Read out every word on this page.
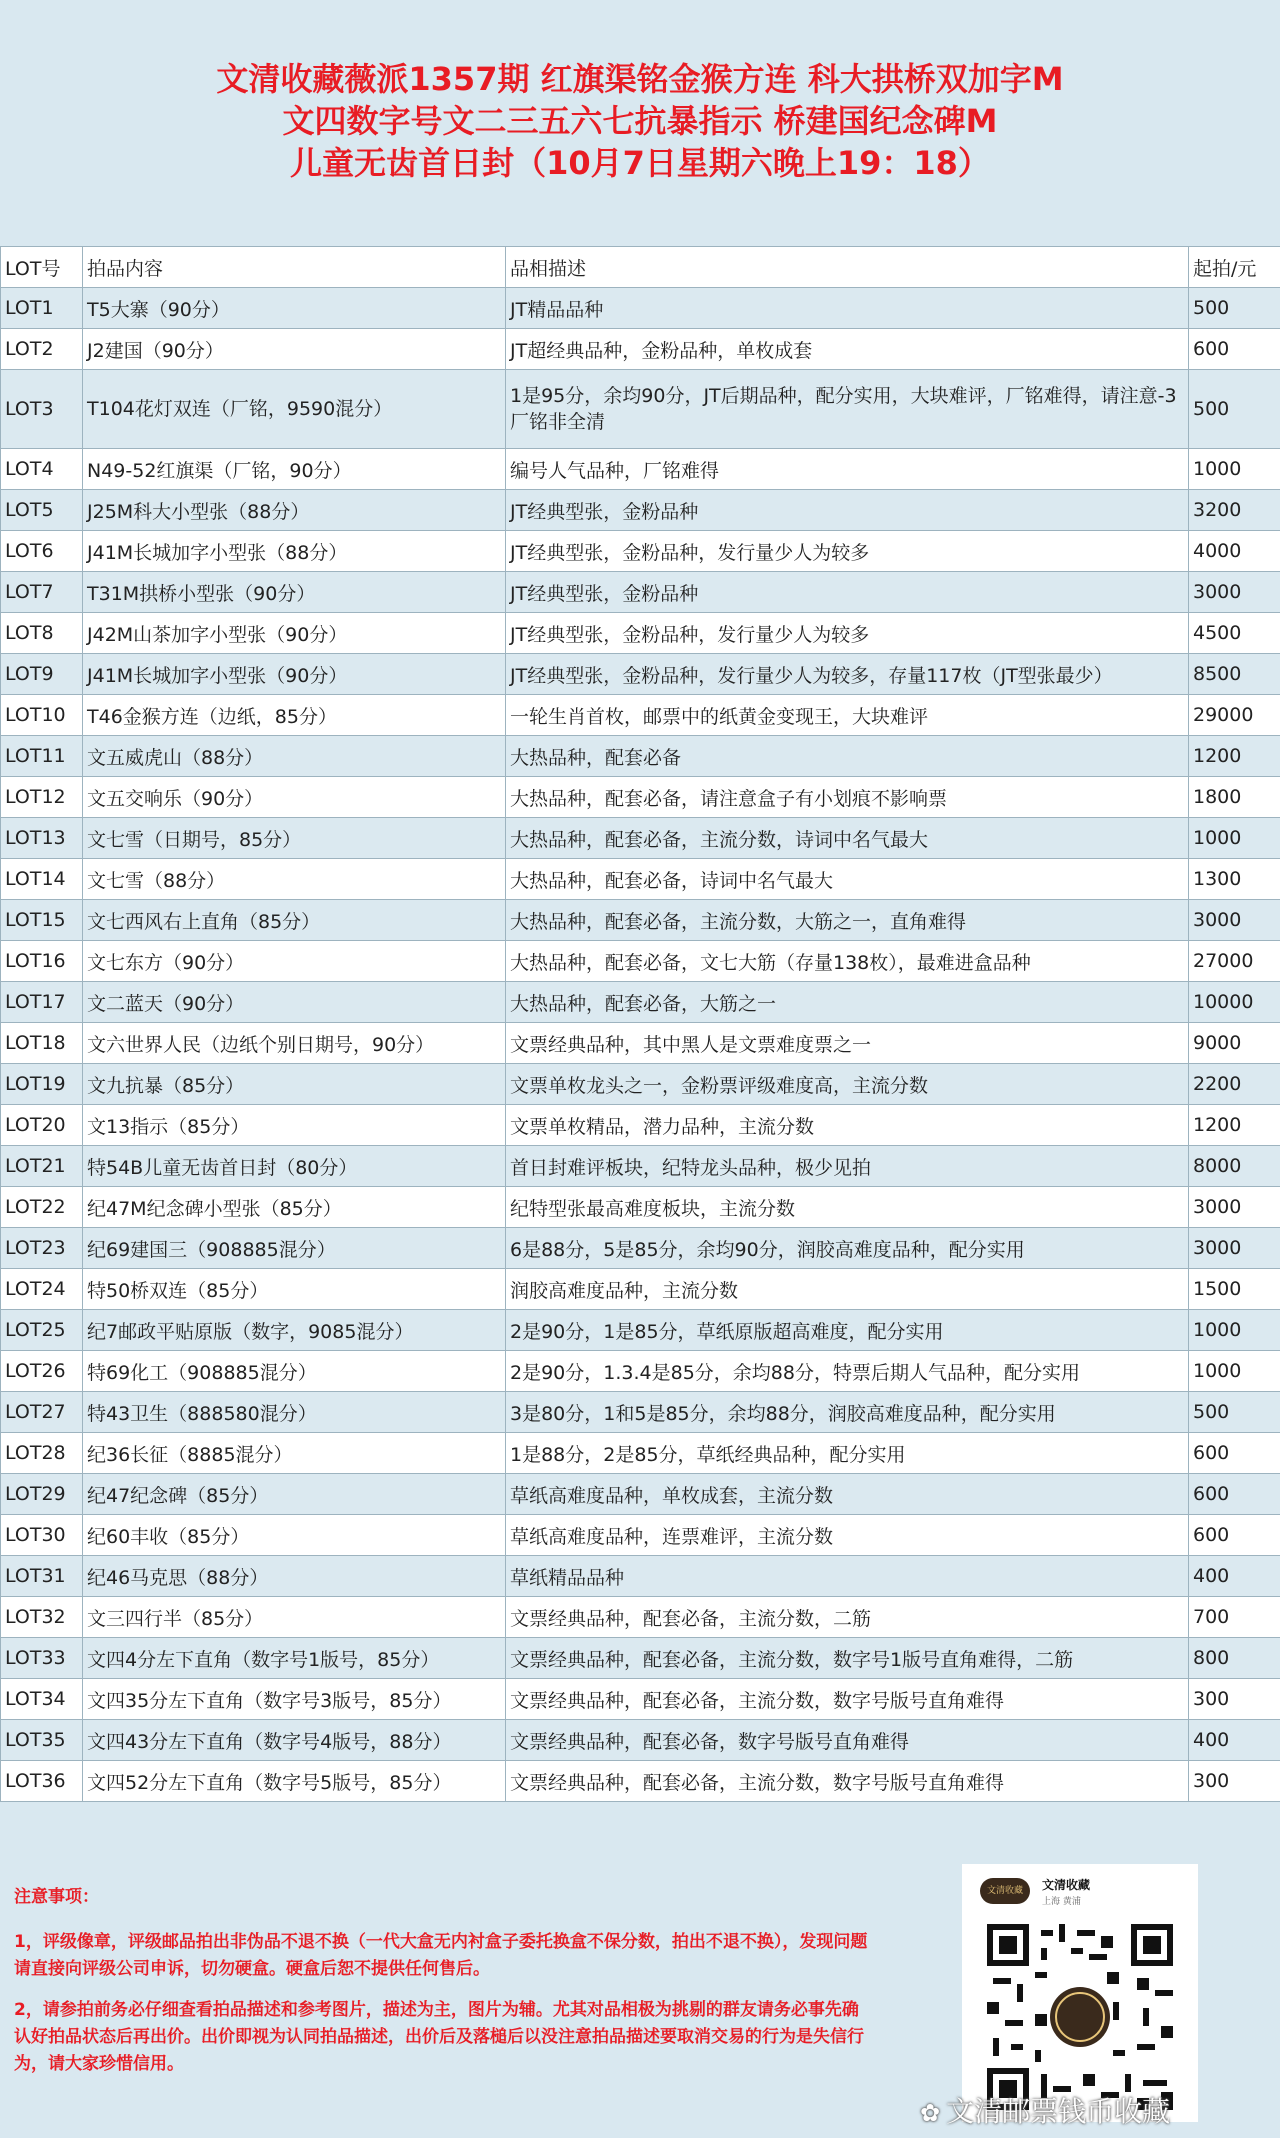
文清收藏薇派1357期 红旗渠铭金猴方连 科大拱桥双加字M
文四数字号文二三五六七抗暴指示 桥建国纪念碑M
儿童无齿首日封（10月7日星期六晚上19：18）
LOT号	拍品内容	品相描述	起拍/元
LOT1	T5大寨（90分）	JT精品品种	500
LOT2	J2建国（90分）	JT超经典品种，金粉品种，单枚成套	600
LOT3	T104花灯双连（厂铭，9590混分）	1是95分，余均90分，JT后期品种，配分实用，大块难评，厂铭难得，请注意-3厂铭非全清	500
LOT4	N49-52红旗渠（厂铭，90分）	编号人气品种，厂铭难得	1000
LOT5	J25M科大小型张（88分）	JT经典型张，金粉品种	3200
LOT6	J41M长城加字小型张（88分）	JT经典型张，金粉品种，发行量少人为较多	4000
LOT7	T31M拱桥小型张（90分）	JT经典型张，金粉品种	3000
LOT8	J42M山茶加字小型张（90分）	JT经典型张，金粉品种，发行量少人为较多	4500
LOT9	J41M长城加字小型张（90分）	JT经典型张，金粉品种，发行量少人为较多，存量117枚（JT型张最少）	8500
LOT10	T46金猴方连（边纸，85分）	一轮生肖首枚，邮票中的纸黄金变现王，大块难评	29000
LOT11	文五威虎山（88分）	大热品种，配套必备	1200
LOT12	文五交响乐（90分）	大热品种，配套必备，请注意盒子有小划痕不影响票	1800
LOT13	文七雪（日期号，85分）	大热品种，配套必备，主流分数，诗词中名气最大	1000
LOT14	文七雪（88分）	大热品种，配套必备，诗词中名气最大	1300
LOT15	文七西风右上直角（85分）	大热品种，配套必备，主流分数，大筋之一，直角难得	3000
LOT16	文七东方（90分）	大热品种，配套必备，文七大筋（存量138枚），最难进盒品种	27000
LOT17	文二蓝天（90分）	大热品种，配套必备，大筋之一	10000
LOT18	文六世界人民（边纸个别日期号，90分）	文票经典品种，其中黑人是文票难度票之一	9000
LOT19	文九抗暴（85分）	文票单枚龙头之一，金粉票评级难度高，主流分数	2200
LOT20	文13指示（85分）	文票单枚精品，潜力品种，主流分数	1200
LOT21	特54B儿童无齿首日封（80分）	首日封难评板块，纪特龙头品种，极少见拍	8000
LOT22	纪47M纪念碑小型张（85分）	纪特型张最高难度板块，主流分数	3000
LOT23	纪69建国三（908885混分）	6是88分，5是85分，余均90分，润胶高难度品种，配分实用	3000
LOT24	特50桥双连（85分）	润胶高难度品种，主流分数	1500
LOT25	纪7邮政平贴原版（数字，9085混分）	2是90分，1是85分，草纸原版超高难度，配分实用	1000
LOT26	特69化工（908885混分）	2是90分，1.3.4是85分，余均88分，特票后期人气品种，配分实用	1000
LOT27	特43卫生（888580混分）	3是80分，1和5是85分，余均88分，润胶高难度品种，配分实用	500
LOT28	纪36长征（8885混分）	1是88分，2是85分，草纸经典品种，配分实用	600
LOT29	纪47纪念碑（85分）	草纸高难度品种，单枚成套，主流分数	600
LOT30	纪60丰收（85分）	草纸高难度品种，连票难评，主流分数	600
LOT31	纪46马克思（88分）	草纸精品品种	400
LOT32	文三四行半（85分）	文票经典品种，配套必备，主流分数，二筋	700
LOT33	文四4分左下直角（数字号1版号，85分）	文票经典品种，配套必备，主流分数，数字号1版号直角难得，二筋	800
LOT34	文四35分左下直角（数字号3版号，85分）	文票经典品种，配套必备，主流分数，数字号版号直角难得	300
LOT35	文四43分左下直角（数字号4版号，88分）	文票经典品种，配套必备，数字号版号直角难得	400
LOT36	文四52分左下直角（数字号5版号，85分）	文票经典品种，配套必备，主流分数，数字号版号直角难得	300

注意事项：

1，评级像章，评级邮品拍出非伪品不退不换（一代大盒无内衬盒子委托换盒不保分数，拍出不退不换），发现问题请直接向评级公司申诉，切勿硬盒。硬盒后恕不提供任何售后。

2，请参拍前务必仔细查看拍品描述和参考图片，描述为主，图片为辅。尤其对品相极为挑剔的群友请务必事先确认好拍品状态后再出价。出价即视为认同拍品描述，出价后及落槌后以没注意拍品描述要取消交易的行为是失信行为，请大家珍惜信用。

文清收藏	文清收藏
上海 黄浦
✿ 文清邮票钱币收藏
